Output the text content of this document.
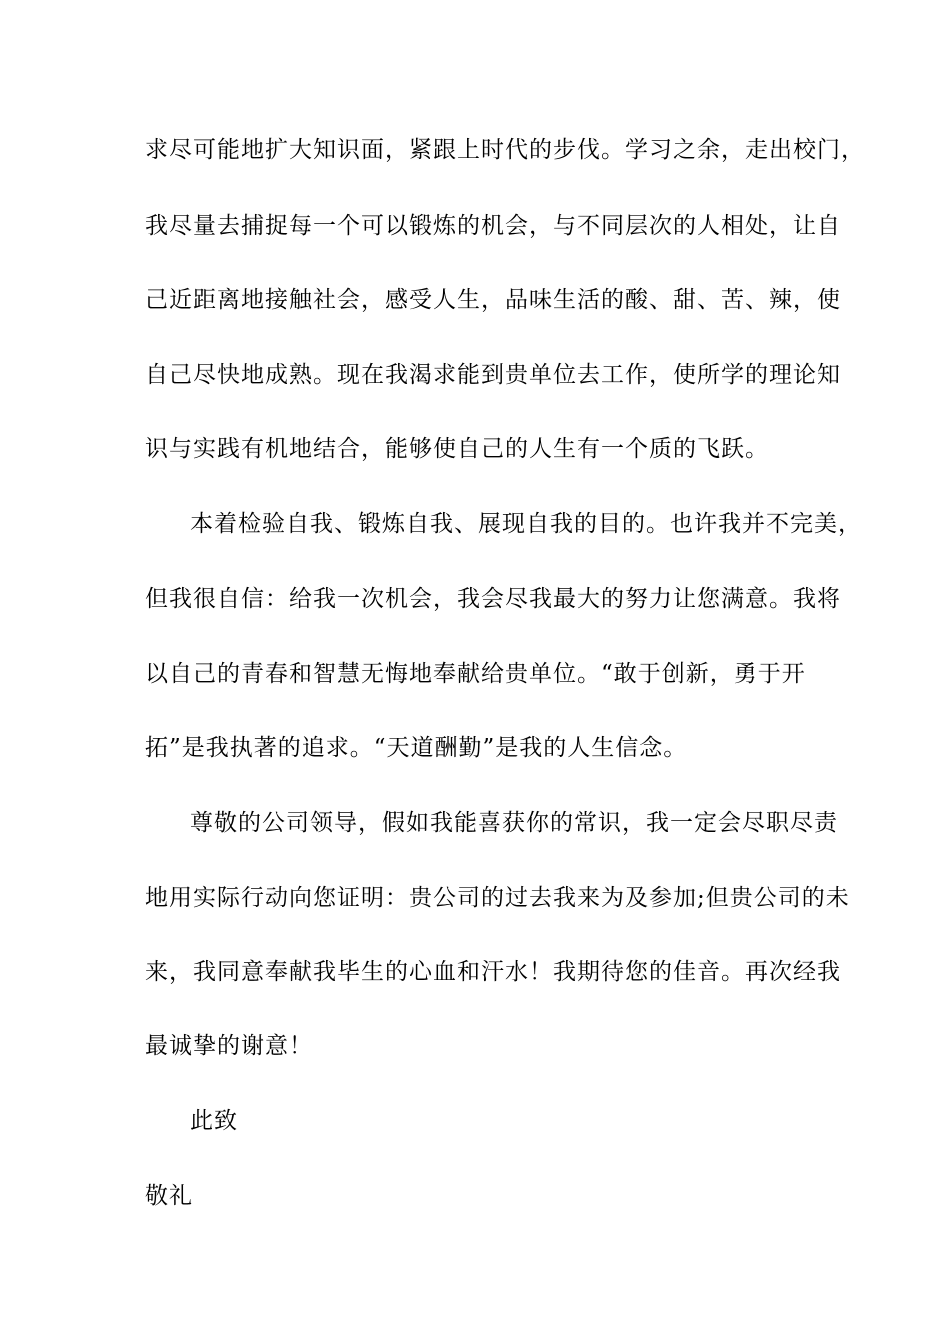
求尽可能地扩大知识面，紧跟上时代的步伐。学习之余，走出校门，
我尽量去捕捉每一个可以锻炼的机会，与不同层次的人相处，让自
己近距离地接触社会，感受人生，品味生活的酸、甜、苦、辣，使
自己尽快地成熟。现在我渴求能到贵单位去工作，使所学的理论知
识与实践有机地结合，能够使自己的人生有一个质的飞跃。
本着检验自我、锻炼自我、展现自我的目的。也许我并不完美，
但我很自信：给我一次机会，我会尽我最大的努力让您满意。我将
以自己的青春和智慧无悔地奉献给贵单位。“敢于创新，勇于开
拓”是我执著的追求。“天道酬勤”是我的人生信念。
尊敬的公司领导，假如我能喜获你的常识，我一定会尽职尽责
地用实际行动向您证明：贵公司的过去我来为及参加;但贵公司的未
来，我同意奉献我毕生的心血和汗水！我期待您的佳音。再次经我
最诚挚的谢意！
此致
敬礼
